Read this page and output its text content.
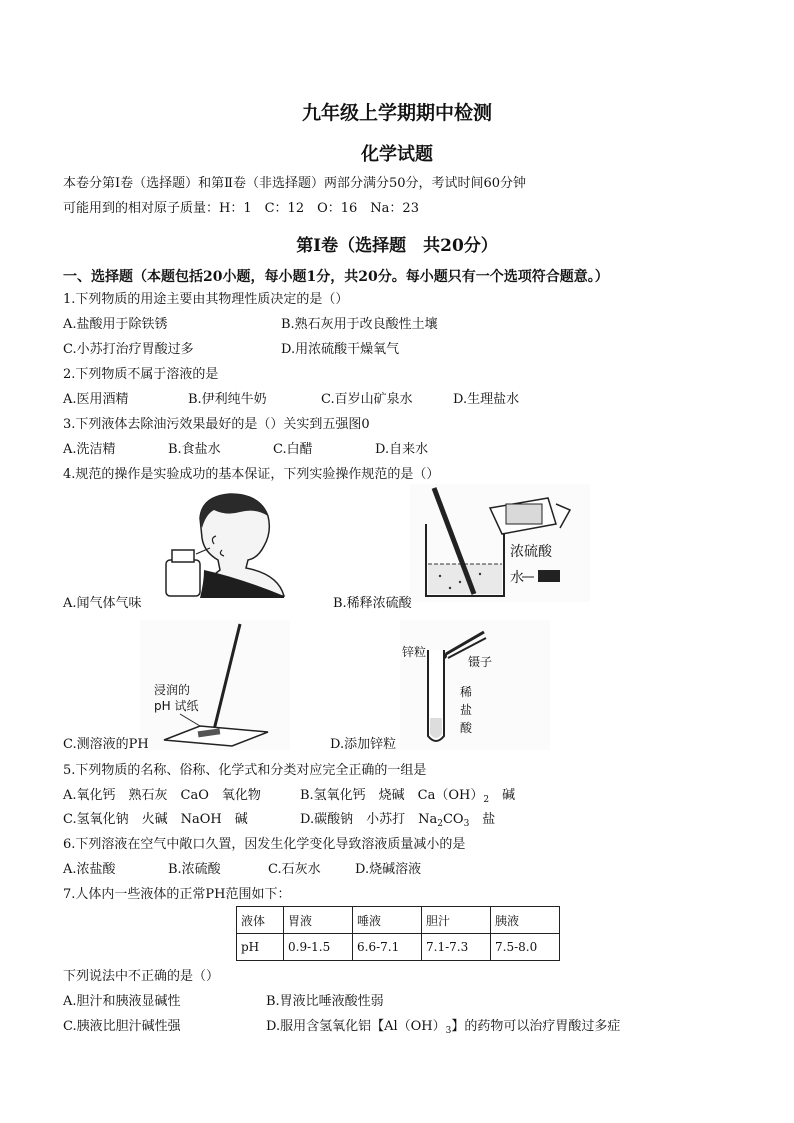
九年级上学期期中检测
化学试题
本卷分第Ⅰ卷（选择题）和第Ⅱ卷（非选择题）两部分满分50分，考试时间60分钟
可能用到的相对原子质量：H：1　C：12　O：16　Na：23
第Ⅰ卷（选择题　共20分）
一、选择题（本题包括20小题，每小题1分，共20分。每小题只有一个选项符合题意。）
1.下列物质的用途主要由其物理性质决定的是（）
A.盐酸用于除铁锈	B.熟石灰用于改良酸性土壤
C.小苏打治疗胃酸过多	D.用浓硫酸干燥氧气
2.下列物质不属于溶液的是
A.医用酒精	B.伊利纯牛奶	C.百岁山矿泉水	D.生理盐水
3.下列液体去除油污效果最好的是（）关实到五强图0
A.洗洁精	B.食盐水	C.白醋	D.自来水
4.规范的操作是实验成功的基本保证，下列实验操作规范的是（）
A.闻气体气味
浓硫酸
水
B.稀释浓硫酸
浸润的
pH 试纸
C.测溶液的PH
锌粒
镊子
稀
盐
酸
D.添加锌粒
5.下列物质的名称、俗称、化学式和分类对应完全正确的一组是
A.氧化钙　熟石灰　CaO　氧化物	B.氢氧化钙　烧碱　$Ca(OH)_2$　碱
C.氢氧化钠　火碱　NaOH　碱	D.碳酸钠　小苏打　$Na_2CO_3$　盐
6.下列溶液在空气中敞口久置，因发生化学变化导致溶液质量减小的是
A.浓盐酸	B.浓硫酸	C.石灰水	D.烧碱溶液
7.人体内一些液体的正常PH范围如下：
液体	胃液	唾液	胆汁	胰液
pH	0.9-1.5	6.6-7.1	7.1-7.3	7.5-8.0
下列说法中不正确的是（）
A.胆汁和胰液显碱性	B.胃液比唾液酸性弱
C.胰液比胆汁碱性强	D.服用含氢氧化铝【$Al(OH)_3$】的药物可以治疗胃酸过多症
